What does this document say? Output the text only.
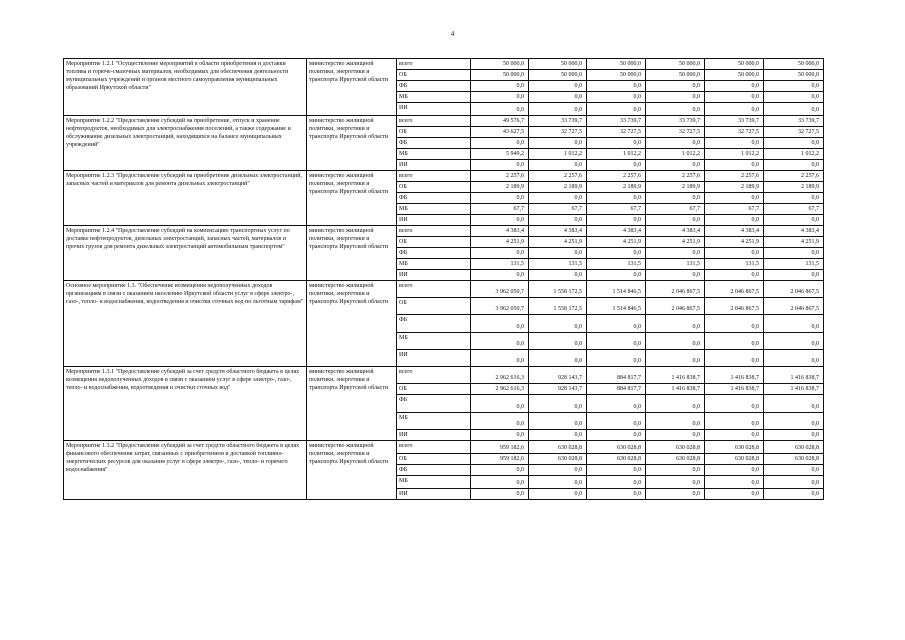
4
Мероприятие 1.2.1 "Осуществление мероприятий в области приобретения и доставки топлива и горюче-смазочных материалов, необходимых для обеспечения деятельности муниципальных учреждений и органов местного самоуправления муниципальных образований Иркутской области"	министерство жилищной политики, энергетики и транспорта Иркутской области	всего	50 000,0	50 000,0	50 000,0	50 000,0	50 000,0	50 000,0
		ОБ	50 000,0	50 000,0	50 000,0	50 000,0	50 000,0	50 000,0
		ФБ	0,0	0,0	0,0	0,0	0,0	0,0
		МБ	0,0	0,0	0,0	0,0	0,0	0,0
		ИИ	0,0	0,0	0,0	0,0	0,0	0,0
Мероприятие 1.2.2 "Предоставление субсидий на приобретение, отпуск и хранение нефтепродуктов, необходимых для электроснабжения поселений, а также содержание и обслуживание дизельных электростанций, находящихся на балансе муниципальных учреждений"	министерство жилищной политики, энергетики и транспорта Иркутской области	всего	49 576,7	33 739,7	33 739,7	33 739,7	33 739,7	33 739,7
		ОБ	43 627,5	32 727,5	32 727,5	32 727,5	32 727,5	32 727,5
		ФБ	0,0	0,0	0,0	0,0	0,0	0,0
		МБ	5 949,2	1 012,2	1 012,2	1 012,2	1 012,2	1 012,2
		ИИ	0,0	0,0	0,0	0,0	0,0	0,0
Мероприятие 1.2.3 "Предоставление субсидий на приобретение дизельных электростанций, запасных частей и материалов для ремонта дизельных электростанций"	министерство жилищной политики, энергетики и транспорта Иркутской области	всего	2 257,6	2 257,6	2 257,6	2 257,6	2 257,6	2 257,6
		ОБ	2 189,9	2 189,9	2 189,9	2 189,9	2 189,9	2 189,9
		ФБ	0,0	0,0	0,0	0,0	0,0	0,0
		МБ	67,7	67,7	67,7	67,7	67,7	67,7
		ИИ	0,0	0,0	0,0	0,0	0,0	0,0
Мероприятие 1.2.4 "Предоставление субсидий на компенсацию транспортных услуг по доставке нефтепродуктов, дизельных электростанций, запасных частей, материалов и прочих грузов для ремонта дизельных электростанций автомобильным транспортом"	министерство жилищной политики, энергетики и транспорта Иркутской области	всего	4 383,4	4 383,4	4 383,4	4 383,4	4 383,4	4 383,4
		ОБ	4 251,9	4 251,9	4 251,9	4 251,9	4 251,9	4 251,9
		ФБ	0,0	0,0	0,0	0,0	0,0	0,0
		МБ	131,5	131,5	131,5	131,5	131,5	131,5
		ИИ	0,0	0,0	0,0	0,0	0,0	0,0
Основное мероприятие 1.3. "Обеспечение возмещения недополученных доходов организациям в связи с оказанием населению Иркутской области услуг в сфере электро-, газо-, тепло- и водоснабжения, водоотведения и очистки сточных вод по льготным тарифам"	министерство жилищной политики, энергетики и транспорта Иркутской области	всего	3 962 050,7	1 558 172,5	1 514 846,5	2 046 867,5	2 046 867,5	2 046 867,5
		ОБ	3 962 050,7	1 558 172,5	1 514 846,5	2 046 867,5	2 046 867,5	2 046 867,5
		ФБ	0,0	0,0	0,0	0,0	0,0	0,0
		МБ	0,0	0,0	0,0	0,0	0,0	0,0
		ИИ	0,0	0,0	0,0	0,0	0,0	0,0
Мероприятие 1.3.1 "Предоставление субсидий за счет средств областного бюджета в целях возмещения недополученных доходов в связи с оказанием услуг в сфере электро-, газо-, тепло- и водоснабжения, водоотведения и очистки сточных вод"	министерство жилищной политики, энергетики и транспорта Иркутской области	всего	2 962 616,3	928 143,7	884 817,7	1 416 838,7	1 416 838,7	1 416 838,7
		ОБ	2 962 616,3	928 143,7	884 817,7	1 416 838,7	1 416 838,7	1 416 838,7
		ФБ	0,0	0,0	0,0	0,0	0,0	0,0
		МБ	0,0	0,0	0,0	0,0	0,0	0,0
		ИИ	0,0	0,0	0,0	0,0	0,0	0,0
Мероприятие 1.3.2 "Предоставление субсидий за счет средств областного бюджета в целях финансового обеспечения затрат, связанных с приобретением и доставкой топливно-энергетических ресурсов для оказания услуг в сфере электро-, газо-, тепло- и горячего водоснабжения"	министерство жилищной политики, энергетики и транспорта Иркутской области	всего	959 182,6	630 028,8	630 028,8	630 028,8	630 028,8	630 028,8
		ОБ	959 182,6	630 028,8	630 028,8	630 028,8	630 028,8	630 028,8
		ФБ	0,0	0,0	0,0	0,0	0,0	0,0
		МБ	0,0	0,0	0,0	0,0	0,0	0,0
		ИИ	0,0	0,0	0,0	0,0	0,0	0,0
